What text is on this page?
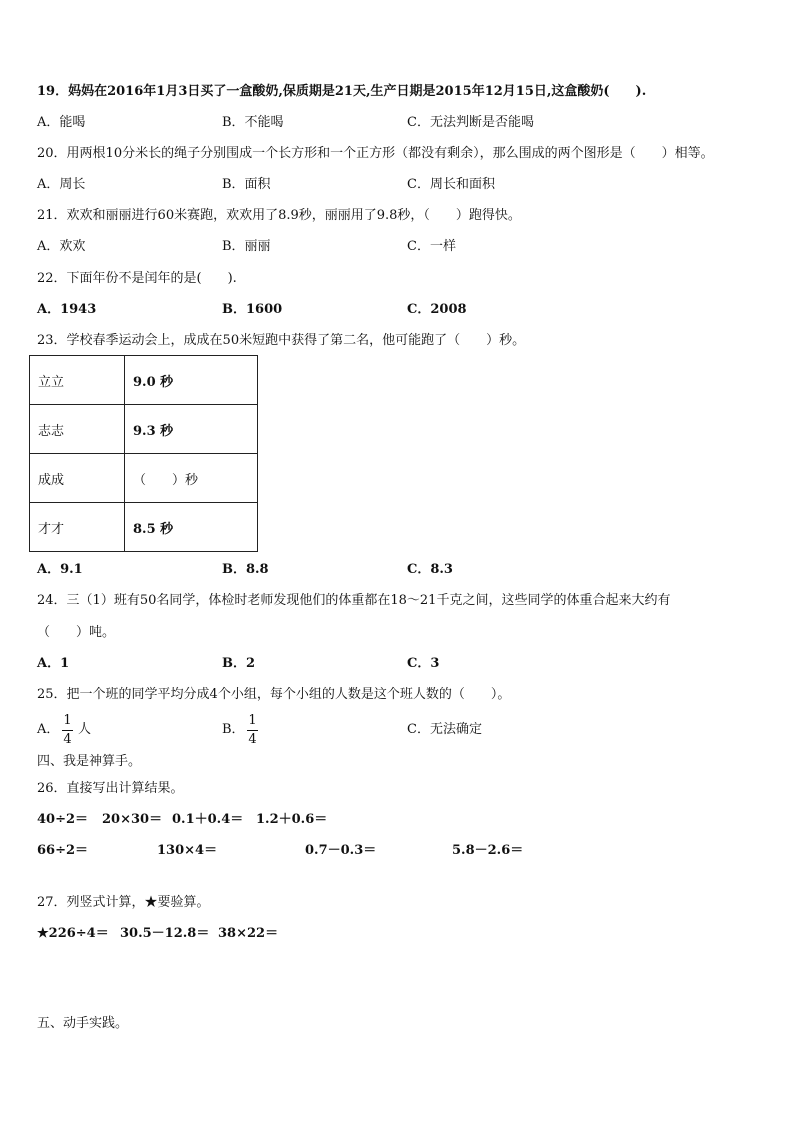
19．妈妈在2016年1月3日买了一盒酸奶,保质期是21天,生产日期是2015年12月15日,这盒酸奶(　　).
A．能喝	B．不能喝	C．无法判断是否能喝
20．用两根10分米长的绳子分别围成一个长方形和一个正方形（都没有剩余），那么围成的两个图形是（　　）相等。
A．周长	B．面积	C．周长和面积
21．欢欢和丽丽进行60米赛跑，欢欢用了8.9秒，丽丽用了9.8秒，（　　）跑得快。
A．欢欢	B．丽丽	C．一样
22．下面年份不是闰年的是(　　).
A．1943	B．1600	C．2008
23．学校春季运动会上，成成在50米短跑中获得了第二名，他可能跑了（　　）秒。
立立	9.0 秒
志志	9.3 秒
成成	（　　）秒
才才	8.5 秒
A．9.1	B．8.8	C．8.3
24．三（1）班有50名同学，体检时老师发现他们的体重都在18～21千克之间，这些同学的体重合起来大约有
（　　）吨。
A．1	B．2	C．3
25．把一个班的同学平均分成4个小组，每个小组的人数是这个班人数的（　　）。
A．
1
4
人	B．
1
4
C．无法确定
四、我是神算手。
26．直接写出计算结果。
40÷2＝ 20×30＝ 0.1＋0.4＝ 1.2＋0.6＝
66÷2＝	130×4＝	0.7－0.3＝	5.8－2.6＝
27．列竖式计算，★要验算。
★226÷4＝ 30.5－12.8＝ 38×22＝
五、动手实践。
